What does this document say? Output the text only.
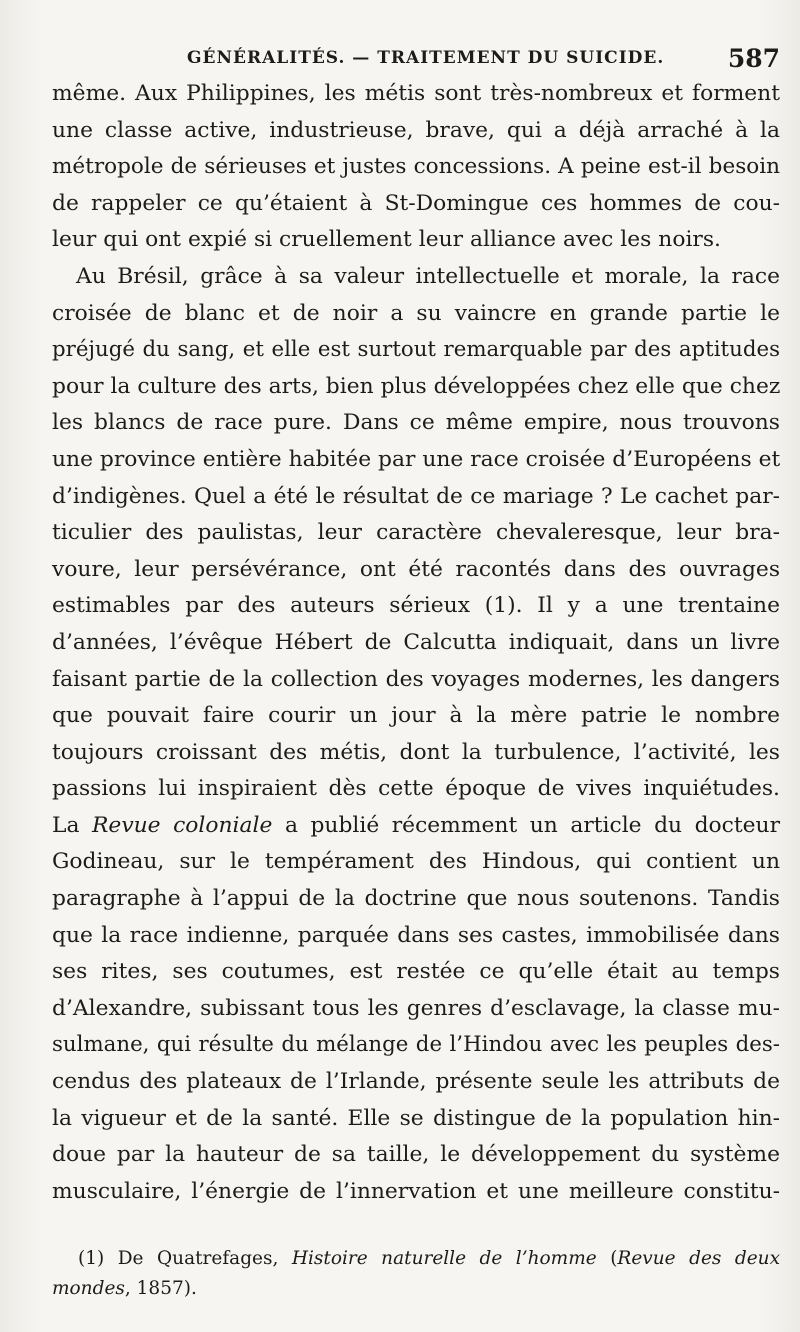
GÉNÉRALITÉS. — TRAITEMENT DU SUICIDE.	587
même. Aux Philippines, les métis sont très-nombreux et forment
une classe active, industrieuse, brave, qui a déjà arraché à la
métropole de sérieuses et justes concessions. A peine est-il besoin
de rappeler ce qu’étaient à St-Domingue ces hommes de cou-
leur qui ont expié si cruellement leur alliance avec les noirs.
Au Brésil, grâce à sa valeur intellectuelle et morale, la race
croisée de blanc et de noir a su vaincre en grande partie le
préjugé du sang, et elle est surtout remarquable par des aptitudes
pour la culture des arts, bien plus développées chez elle que chez
les blancs de race pure. Dans ce même empire, nous trouvons
une province entière habitée par une race croisée d’Européens et
d’indigènes. Quel a été le résultat de ce mariage ? Le cachet par-
ticulier des paulistas, leur caractère chevaleresque, leur bra-
voure, leur persévérance, ont été racontés dans des ouvrages
estimables par des auteurs sérieux (1). Il y a une trentaine
d’années, l’évêque Hébert de Calcutta indiquait, dans un livre
faisant partie de la collection des voyages modernes, les dangers
que pouvait faire courir un jour à la mère patrie le nombre
toujours croissant des métis, dont la turbulence, l’activité, les
passions lui inspiraient dès cette époque de vives inquiétudes.
La Revue coloniale a publié récemment un article du docteur
Godineau, sur le tempérament des Hindous, qui contient un
paragraphe à l’appui de la doctrine que nous soutenons. Tandis
que la race indienne, parquée dans ses castes, immobilisée dans
ses rites, ses coutumes, est restée ce qu’elle était au temps
d’Alexandre, subissant tous les genres d’esclavage, la classe mu-
sulmane, qui résulte du mélange de l’Hindou avec les peuples des-
cendus des plateaux de l’Irlande, présente seule les attributs de
la vigueur et de la santé. Elle se distingue de la population hin-
doue par la hauteur de sa taille, le développement du système
musculaire, l’énergie de l’innervation et une meilleure constitu-
(1) De Quatrefages, Histoire naturelle de l’homme (Revue des deux
mondes, 1857).
